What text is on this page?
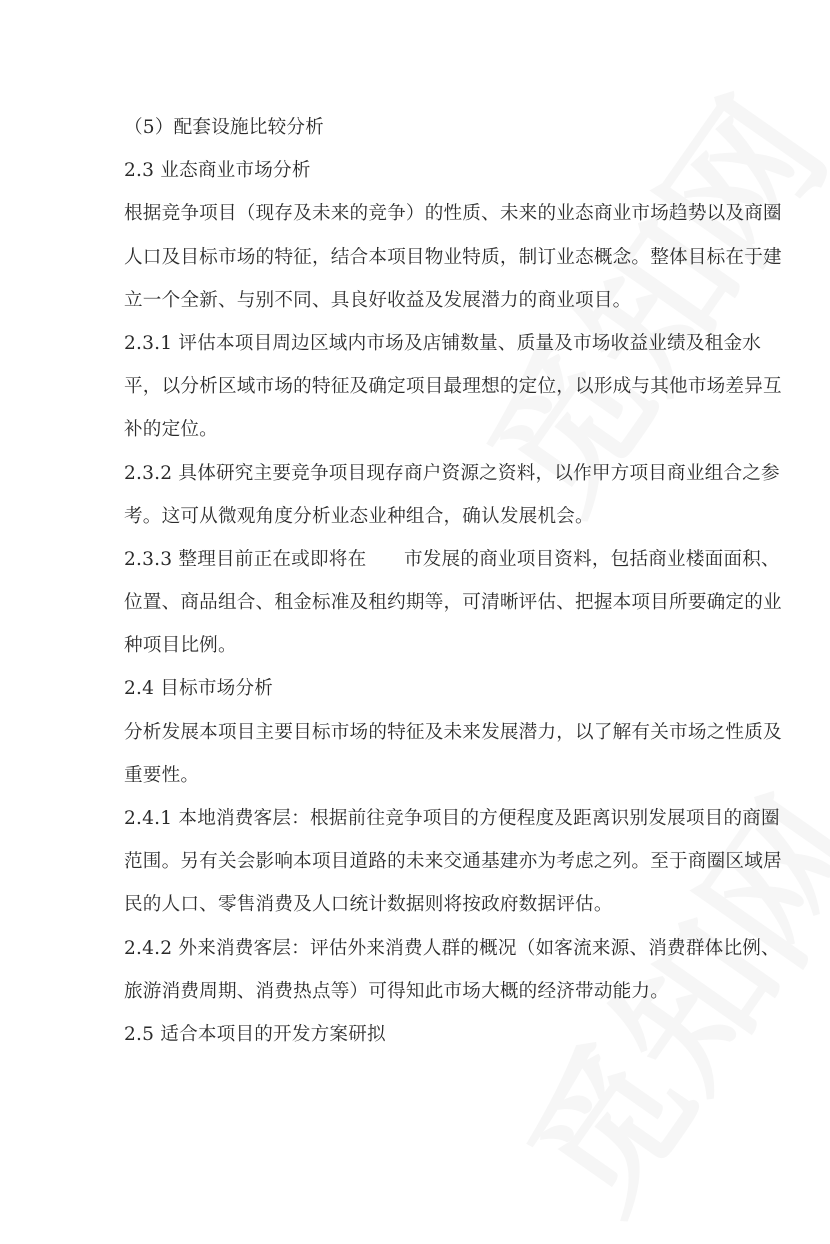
（5）配套设施比较分析
2.3 业态商业市场分析
根据竞争项目（现存及未来的竞争）的性质、未来的业态商业市场趋势以及商圈
人口及目标市场的特征，结合本项目物业特质，制订业态概念。整体目标在于建
立一个全新、与别不同、具良好收益及发展潜力的商业项目。
2.3.1 评估本项目周边区域内市场及店铺数量、质量及市场收益业绩及租金水
平，以分析区域市场的特征及确定项目最理想的定位，以形成与其他市场差异互
补的定位。
2.3.2 具体研究主要竞争项目现存商户资源之资料，以作甲方项目商业组合之参
考。这可从微观角度分析业态业种组合，确认发展机会。
2.3.3 整理目前正在或即将在　　市发展的商业项目资料，包括商业楼面面积、
位置、商品组合、租金标准及租约期等，可清晰评估、把握本项目所要确定的业
种项目比例。
2.4 目标市场分析
分析发展本项目主要目标市场的特征及未来发展潜力，以了解有关市场之性质及
重要性。
2.4.1 本地消费客层：根据前往竞争项目的方便程度及距离识别发展项目的商圈
范围。另有关会影响本项目道路的未来交通基建亦为考虑之列。至于商圈区域居
民的人口、零售消费及人口统计数据则将按政府数据评估。
2.4.2 外来消费客层：评估外来消费人群的概况（如客流来源、消费群体比例、
旅游消费周期、消费热点等）可得知此市场大概的经济带动能力。
2.5 适合本项目的开发方案研拟
